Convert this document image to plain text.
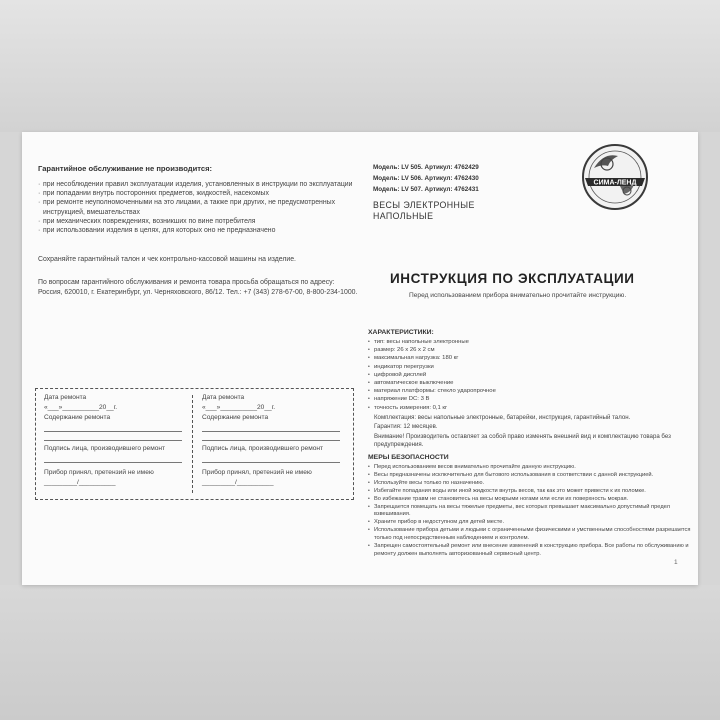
Гарантийное обслуживание не производится:
· при несоблюдении правил эксплуатации изделия, установленных в инструкции по эксплуатации
· при попадании внутрь посторонних предметов, жидкостей, насекомых
· при ремонте неуполномоченными на это лицами, а также при других, не предусмотренных инструкцией, вмешательствах
· при механических повреждениях, возникших по вине потребителя
· при использовании изделия в целях, для которых оно не предназначено
Сохраняйте гарантийный талон и чек контрольно-кассовой машины на изделие.
По вопросам гарантийного обслуживания и ремонта товара просьба обращаться по адресу: Россия, 620010, г. Екатеринбург, ул. Черняховского, 86/12. Тел.: +7 (343) 278-67-00, 8-800-234-1000.
Дата ремонта
«___»__________20__г.
Содержание ремонта
Подпись лица, производившего ремонт
Прибор принял, претензий не имею
_________/__________
Дата ремонта
«___»__________20__г.
Содержание ремонта
Подпись лица, производившего ремонт
Прибор принял, претензий не имею
_________/__________
Модель: LV 505. Артикул: 4762429
Модель: LV 506. Артикул: 4762430
Модель: LV 507. Артикул: 4762431
ВЕСЫ ЭЛЕКТРОННЫЕ
НАПОЛЬНЫЕ
СИМА-ЛЕНД
ИНСТРУКЦИЯ ПО ЭКСПЛУАТАЦИИ
Перед использованием прибора внимательно прочитайте инструкцию.
ХАРАКТЕРИСТИКИ:
• тип: весы напольные электронные
• размер: 26 х 26 х 2 см
• максимальная нагрузка: 180 кг
• индикатор перегрузки
• цифровой дисплей
• автоматическое выключение
• материал платформы: стекло ударопрочное
• напряжение DC: 3 В
• точность измерения: 0,1 кг
Комплектация: весы напольные электронные, батарейки, инструкция, гарантийный талон.
Гарантия: 12 месяцев.
Внимание! Производитель оставляет за собой право изменять внешний вид и комплектацию товара без предупреждения.
МЕРЫ БЕЗОПАСНОСТИ
• Перед использованием весов внимательно прочитайте данную инструкцию.
• Весы предназначены исключительно для бытового использования в соответствии с данной инструкцией.
• Используйте весы только по назначению.
• Избегайте попадания воды или иной жидкости внутрь весов, так как это может привести к их поломке.
• Во избежание травм не становитесь на весы мокрыми ногами или если их поверхность мокрая.
• Запрещается помещать на весы тяжелые предметы, вес которых превышает максимально допустимый предел взвешивания.
• Храните прибор в недоступном для детей месте.
• Использование прибора детьми и людьми с ограниченными физическими и умственными способностями разрешается только под непосредственным наблюдением и контролем.
• Запрещен самостоятельный ремонт или внесение изменений в конструкцию прибора. Все работы по обслуживанию и ремонту должен выполнять авторизованный сервисный центр.
1
